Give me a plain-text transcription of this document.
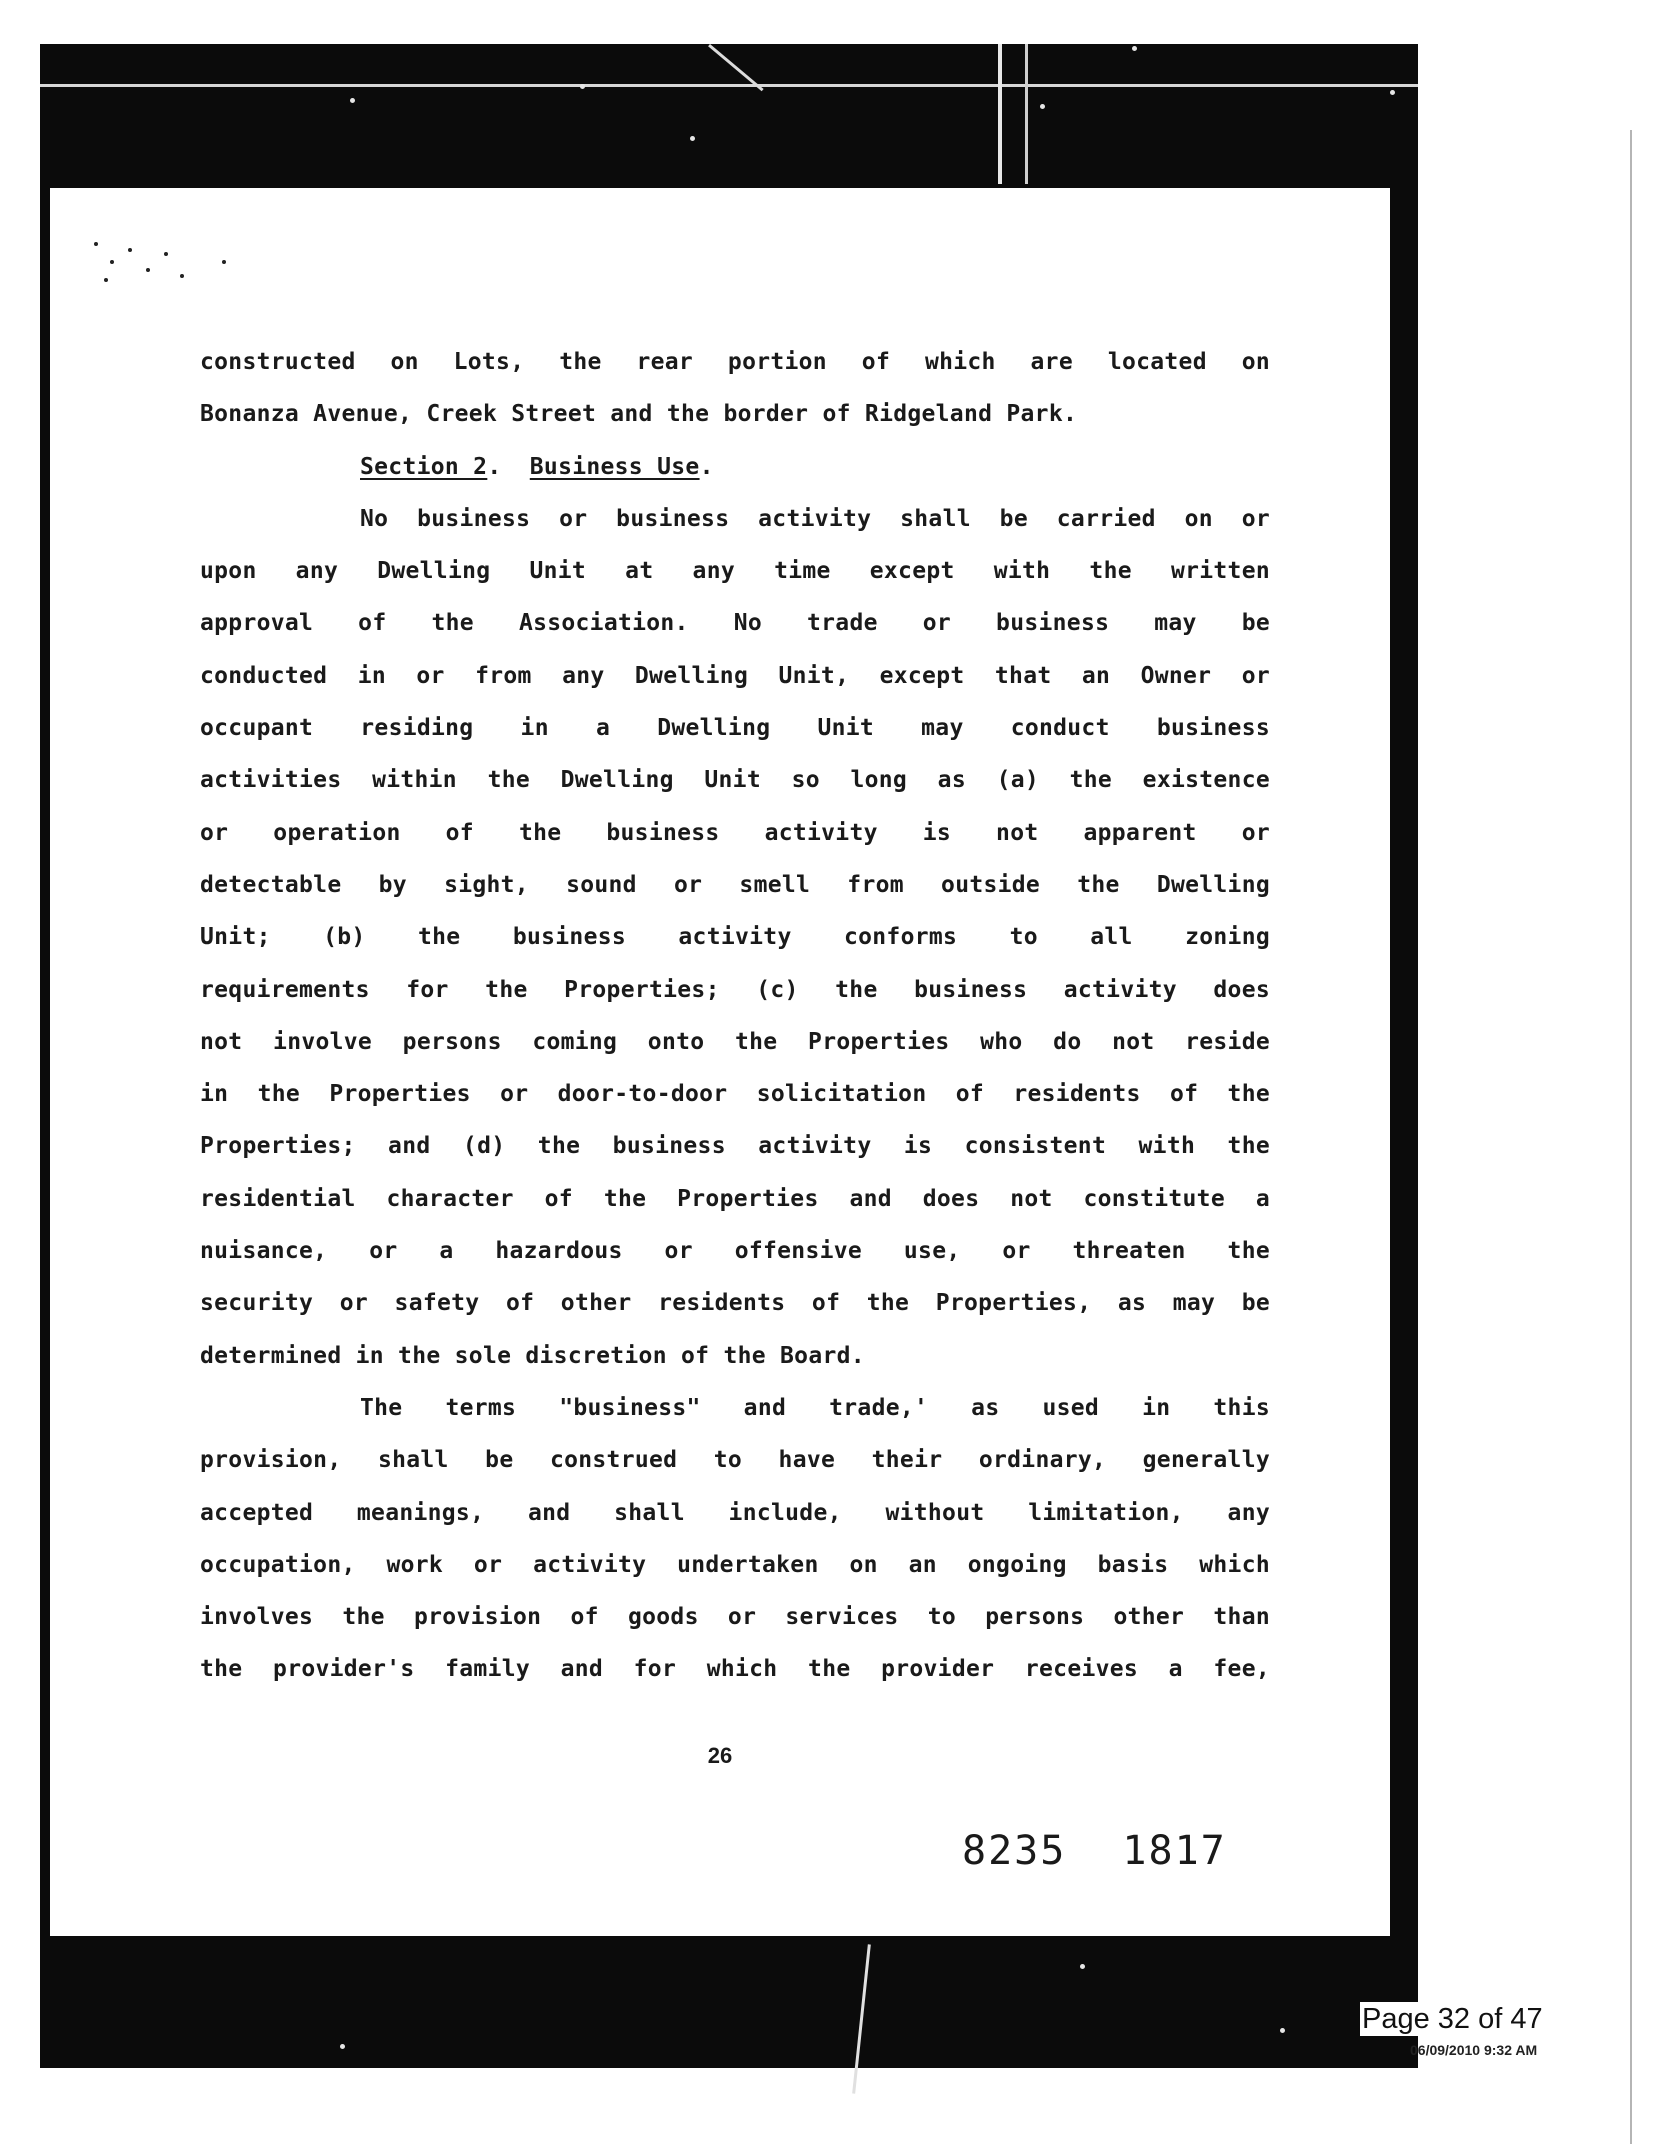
constructed on Lots, the rear portion of which are located on
Bonanza Avenue, Creek Street and the border of Ridgeland Park.
Section 2.  Business Use.
No business or business activity shall be carried on or
upon any Dwelling Unit at any time except with the written
approval of the Association. No trade or business may be
conducted in or from any Dwelling Unit, except that an Owner or
occupant residing in a Dwelling Unit may conduct business
activities within the Dwelling Unit so long as (a) the existence
or operation of the business activity is not apparent or
detectable by sight, sound or smell from outside the Dwelling
Unit; (b) the business activity conforms to all zoning
requirements for the Properties; (c) the business activity does
not involve persons coming onto the Properties who do not reside
in the Properties or door-to-door solicitation of residents of the
Properties; and (d) the business activity is consistent with the
residential character of the Properties and does not constitute a
nuisance, or a hazardous or offensive use, or threaten the
security or safety of other residents of the Properties, as may be
determined in the sole discretion of the Board.
The terms "business" and trade,' as used in this
provision, shall be construed to have their ordinary, generally
accepted meanings, and shall include, without limitation, any
occupation, work or activity undertaken on an ongoing basis which
involves the provision of goods or services to persons other than
the provider's family and for which the provider receives a fee,
26
8235 1817
Page 32 of 47
06/09/2010 9:32 AM
